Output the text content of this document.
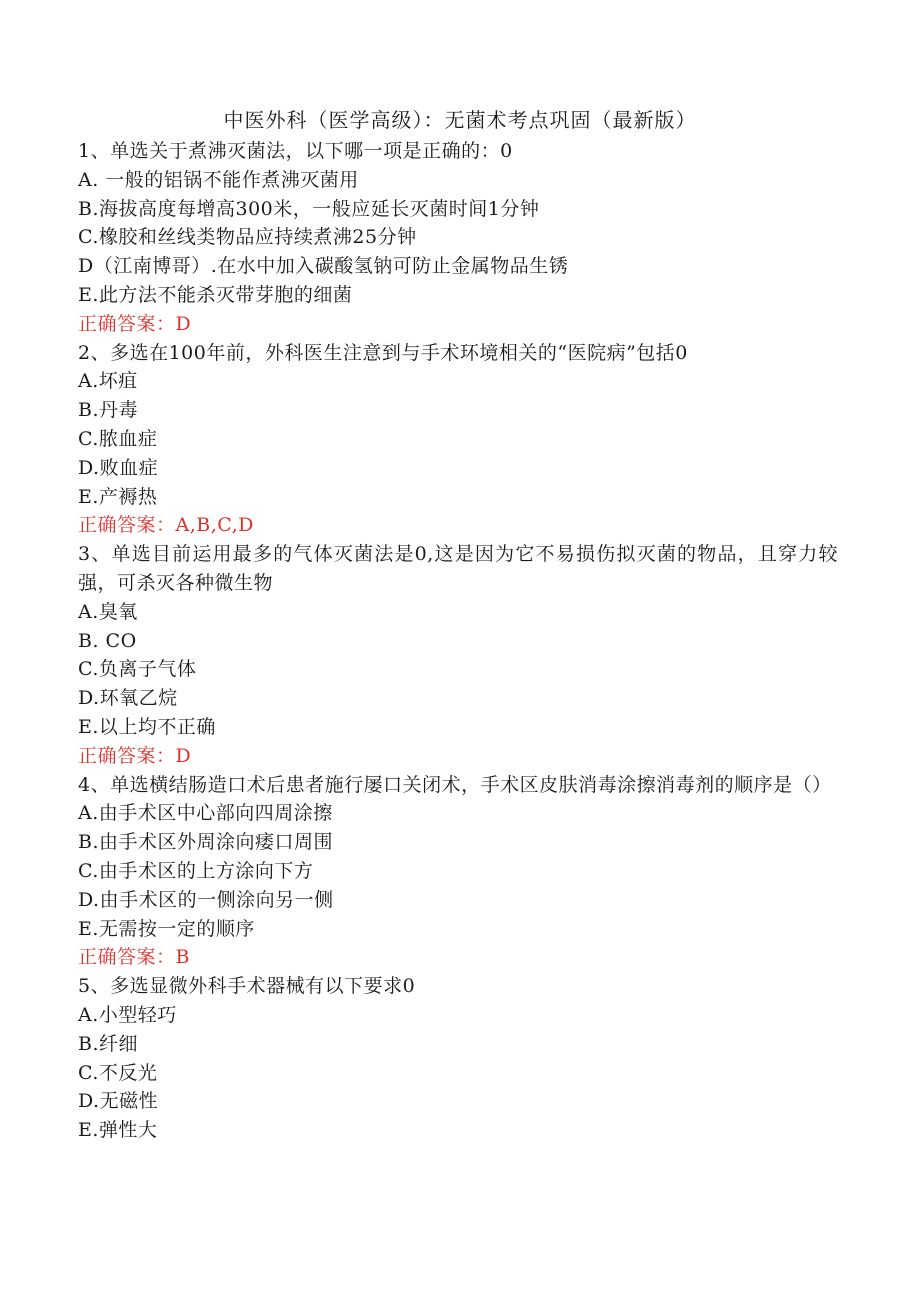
中医外科（医学高级）：无菌术考点巩固（最新版）
1、单选关于煮沸灭菌法，以下哪一项是正确的：0
A. 一般的铝锅不能作煮沸灭菌用
B.海拔高度每增高300米，一般应延长灭菌时间1分钟
C.橡胶和丝线类物品应持续煮沸25分钟
D（江南博哥）.在水中加入碳酸氢钠可防止金属物品生锈
E.此方法不能杀灭带芽胞的细菌
正确答案：D
2、多选在100年前，外科医生注意到与手术环境相关的“医院病”包括0
A.坏疽
B.丹毒
C.脓血症
D.败血症
E.产褥热
正确答案：A,B,C,D
3、单选目前运用最多的气体灭菌法是0,这是因为它不易损伤拟灭菌的物品，且穿力较强，可杀灭各种微生物
A.臭氧
B. CO
C.负离子气体
D.环氧乙烷
E.以上均不正确
正确答案：D
4、单选横结肠造口术后患者施行屡口关闭术，手术区皮肤消毒涂擦消毒剂的顺序是（）
A.由手术区中心部向四周涂擦
B.由手术区外周涂向痿口周围
C.由手术区的上方涂向下方
D.由手术区的一侧涂向另一侧
E.无需按一定的顺序
正确答案：B
5、多选显微外科手术器械有以下要求0
A.小型轻巧
B.纤细
C.不反光
D.无磁性
E.弹性大
